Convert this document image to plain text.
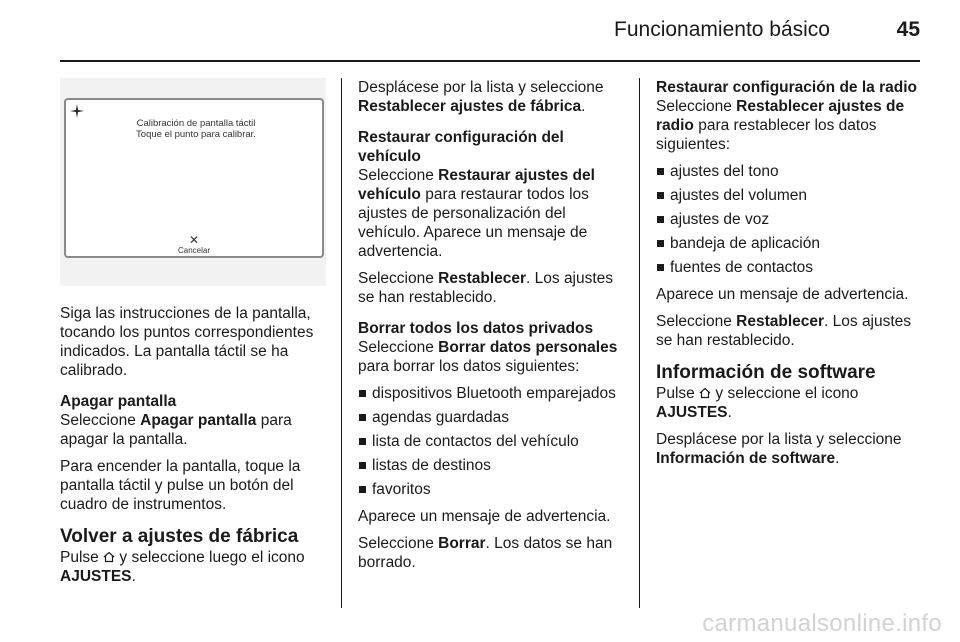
Funcionamiento básico	45
Calibración de pantalla táctil
Toque el punto para calibrar.
✕
Cancelar

Siga las instrucciones de la pantalla, tocando los puntos correspondientes indicados. La pantalla táctil se ha calibrado.

Apagar pantalla

Seleccione Apagar pantalla para apagar la pantalla.

Para encender la pantalla, toque la pantalla táctil y pulse un botón del cuadro de instrumentos.

Volver a ajustes de fábrica

Pulse  y seleccione luego el icono
AJUSTES.

Desplácese por la lista y seleccione
Restablecer ajustes de fábrica.

Restaurar configuración del vehículo

Seleccione Restaurar ajustes del vehículo para restaurar todos los ajustes de personalización del vehículo. Aparece un mensaje de advertencia.

Seleccione Restablecer. Los ajustes se han restablecido.

Borrar todos los datos privados

Seleccione Borrar datos personales para borrar los datos siguientes:

dispositivos Bluetooth emparejados
agendas guardadas
lista de contactos del vehículo
listas de destinos
favoritos

Aparece un mensaje de advertencia.

Seleccione Borrar. Los datos se han borrado.

Restaurar configuración de la radio

Seleccione Restablecer ajustes de radio para restablecer los datos siguientes:

ajustes del tono
ajustes del volumen
ajustes de voz
bandeja de aplicación
fuentes de contactos

Aparece un mensaje de advertencia.

Seleccione Restablecer. Los ajustes se han restablecido.

Información de software

Pulse  y seleccione el icono
AJUSTES.

Desplácese por la lista y seleccione
Información de software.

carmanualsonline.info
